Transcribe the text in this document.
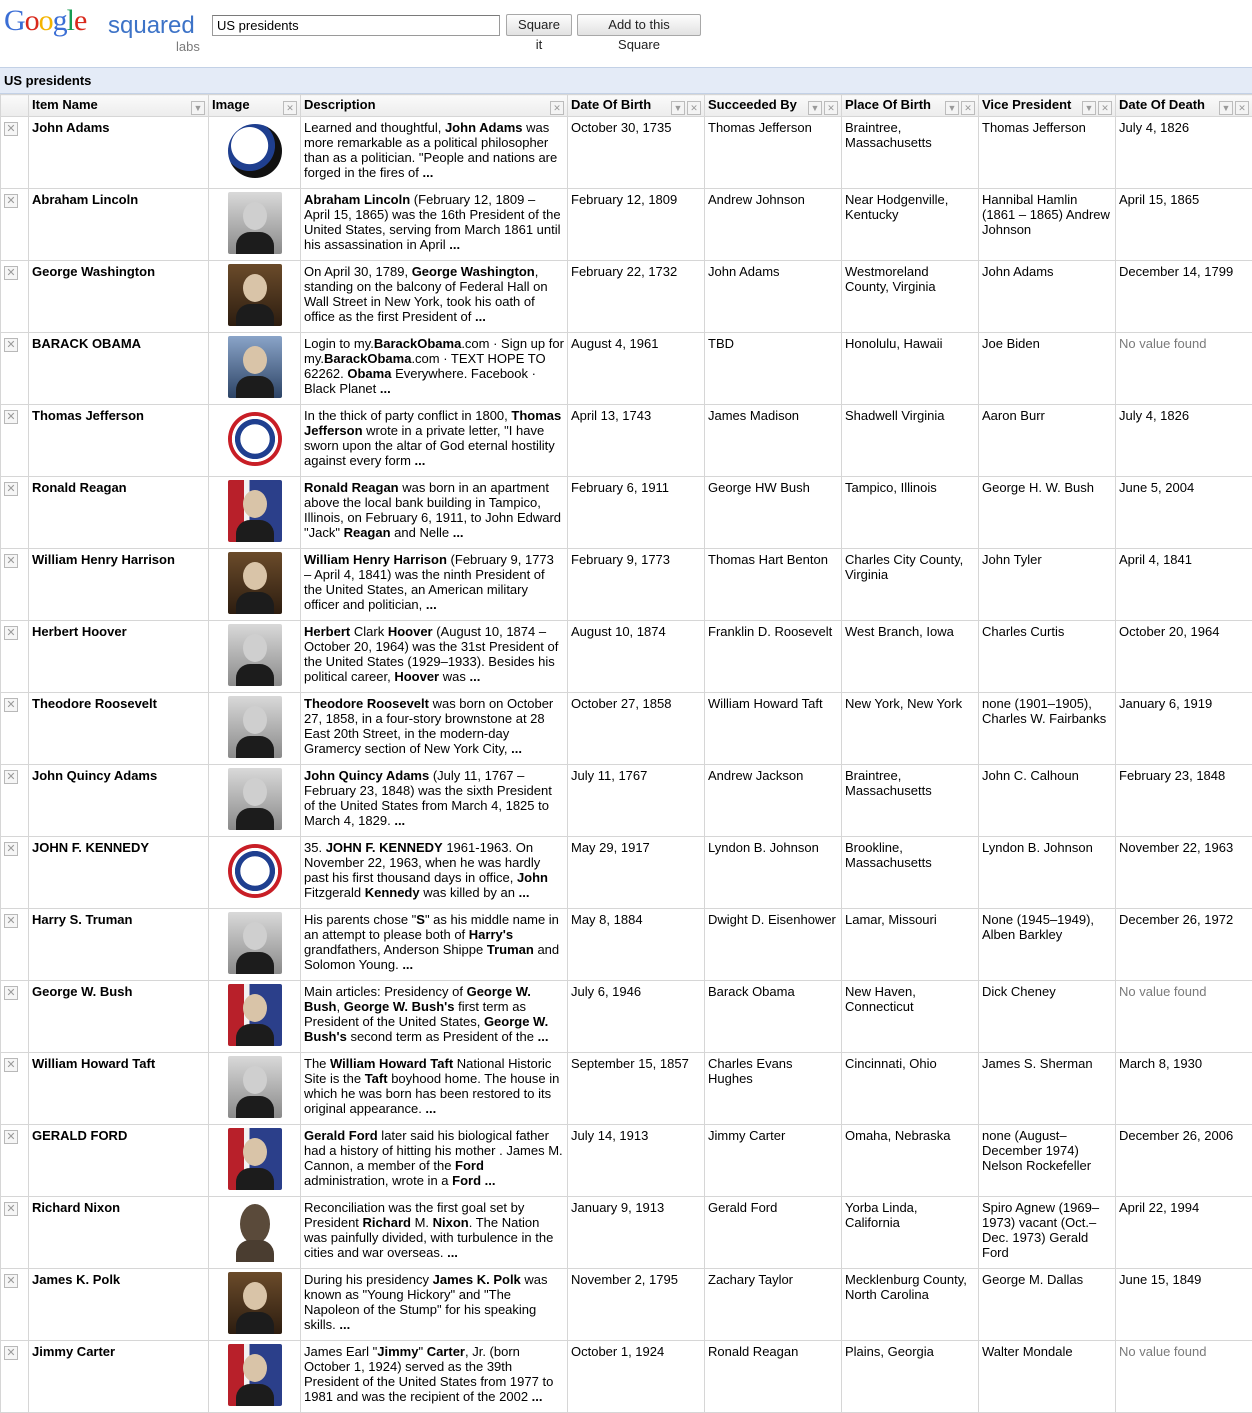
Google squared
labs
US presidents
Square it
Add to this Square
US presidents
	Item Name ▼	Image ✕	Description ✕	Date Of Birth ▼ ✕	Succeeded By ▼ ✕	Place Of Birth ▼ ✕	Vice President ▼ ✕	Date Of Death ▼ ✕

✕	John Adams		Learned and thoughtful, John Adams was more remarkable as a political philosopher than as a politician. "People and nations are forged in the fires of ...	October 30, 1735	Thomas Jefferson	Braintree, Massachusetts	Thomas Jefferson	July 4, 1826
✕	Abraham Lincoln		Abraham Lincoln (February 12, 1809 – April 15, 1865) was the 16th President of the United States, serving from March 1861 until his assassination in April ...	February 12, 1809	Andrew Johnson	Near Hodgenville, Kentucky	Hannibal Hamlin (1861 – 1865) Andrew Johnson	April 15, 1865
✕	George Washington		On April 30, 1789, George Washington, standing on the balcony of Federal Hall on Wall Street in New York, took his oath of office as the first President of ...	February 22, 1732	John Adams	Westmoreland County, Virginia	John Adams	December 14, 1799
✕	BARACK OBAMA		Login to my.BarackObama.com · Sign up for my.BarackObama.com · TEXT HOPE TO 62262. Obama Everywhere. Facebook · Black Planet ...	August 4, 1961	TBD	Honolulu, Hawaii	Joe Biden	No value found
✕	Thomas Jefferson		In the thick of party conflict in 1800, Thomas Jefferson wrote in a private letter, "I have sworn upon the altar of God eternal hostility against every form ...	April 13, 1743	James Madison	Shadwell Virginia	Aaron Burr	July 4, 1826
✕	Ronald Reagan		Ronald Reagan was born in an apartment above the local bank building in Tampico, Illinois, on February 6, 1911, to John Edward "Jack" Reagan and Nelle ...	February 6, 1911	George HW Bush	Tampico, Illinois	George H. W. Bush	June 5, 2004
✕	William Henry Harrison		William Henry Harrison (February 9, 1773 – April 4, 1841) was the ninth President of the United States, an American military officer and politician, ...	February 9, 1773	Thomas Hart Benton	Charles City County, Virginia	John Tyler	April 4, 1841
✕	Herbert Hoover		Herbert Clark Hoover (August 10, 1874 – October 20, 1964) was the 31st President of the United States (1929–1933). Besides his political career, Hoover was ...	August 10, 1874	Franklin D. Roosevelt	West Branch, Iowa	Charles Curtis	October 20, 1964
✕	Theodore Roosevelt		Theodore Roosevelt was born on October 27, 1858, in a four-story brownstone at 28 East 20th Street, in the modern-day Gramercy section of New York City, ...	October 27, 1858	William Howard Taft	New York, New York	none (1901–1905), Charles W. Fairbanks	January 6, 1919
✕	John Quincy Adams		John Quincy Adams (July 11, 1767 – February 23, 1848) was the sixth President of the United States from March 4, 1825 to March 4, 1829. ...	July 11, 1767	Andrew Jackson	Braintree, Massachusetts	John C. Calhoun	February 23, 1848
✕	JOHN F. KENNEDY		35. JOHN F. KENNEDY 1961-1963. On November 22, 1963, when he was hardly past his first thousand days in office, John Fitzgerald Kennedy was killed by an ...	May 29, 1917	Lyndon B. Johnson	Brookline, Massachusetts	Lyndon B. Johnson	November 22, 1963
✕	Harry S. Truman		His parents chose "S" as his middle name in an attempt to please both of Harry's grandfathers, Anderson Shippe Truman and Solomon Young. ...	May 8, 1884	Dwight D. Eisenhower	Lamar, Missouri	None (1945–1949), Alben Barkley	December 26, 1972
✕	George W. Bush		Main articles: Presidency of George W. Bush, George W. Bush's first term as President of the United States, George W. Bush's second term as President of the ...	July 6, 1946	Barack Obama	New Haven, Connecticut	Dick Cheney	No value found
✕	William Howard Taft		The William Howard Taft National Historic Site is the Taft boyhood home. The house in which he was born has been restored to its original appearance. ...	September 15, 1857	Charles Evans Hughes	Cincinnati, Ohio	James S. Sherman	March 8, 1930
✕	GERALD FORD		Gerald Ford later said his biological father had a history of hitting his mother . James M. Cannon, a member of the Ford administration, wrote in a Ford ...	July 14, 1913	Jimmy Carter	Omaha, Nebraska	none (August–December 1974) Nelson Rockefeller	December 26, 2006
✕	Richard Nixon		Reconciliation was the first goal set by President Richard M. Nixon. The Nation was painfully divided, with turbulence in the cities and war overseas. ...	January 9, 1913	Gerald Ford	Yorba Linda, California	Spiro Agnew (1969–1973) vacant (Oct.–Dec. 1973) Gerald Ford	April 22, 1994
✕	James K. Polk		During his presidency James K. Polk was known as "Young Hickory" and "The Napoleon of the Stump" for his speaking skills. ...	November 2, 1795	Zachary Taylor	Mecklenburg County, North Carolina	George M. Dallas	June 15, 1849
✕	Jimmy Carter		James Earl "Jimmy" Carter, Jr. (born October 1, 1924) served as the 39th President of the United States from 1977 to 1981 and was the recipient of the 2002 ...	October 1, 1924	Ronald Reagan	Plains, Georgia	Walter Mondale	No value found
